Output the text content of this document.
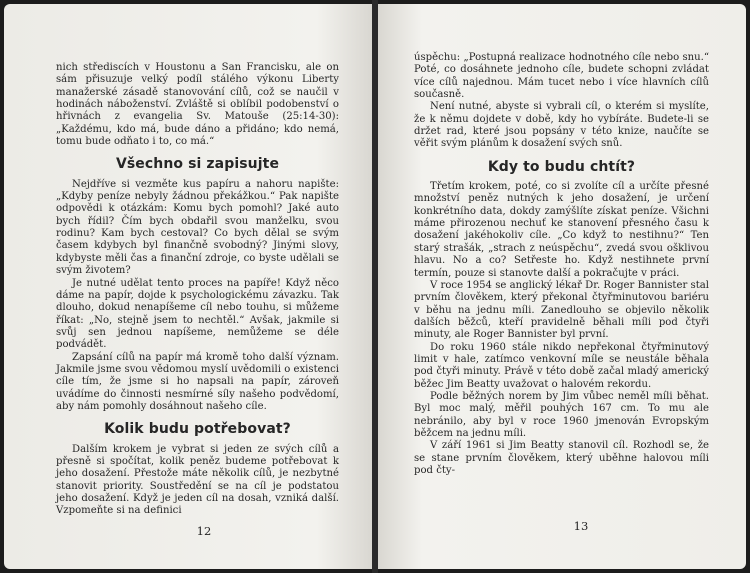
nich střediscích v Houstonu a San Francisku, ale on sám přisuzuje velký podíl stálého výkonu Liberty manažerské zásadě stanovování cílů, což se naučil v hodinách náboženství. Zvláště si oblíbil podobenství o hřivnách z evangelia Sv. Matouše (25:14-30): „Každému, kdo má, bude dáno a přidáno; kdo nemá, tomu bude odňato i to, co má.“

Všechno si zapisujte

Nejdříve si vezměte kus papíru a nahoru napište: „Kdyby peníze nebyly žádnou překážkou.“ Pak napište odpovědi k otázkám: Komu bych pomohl? Jaké auto bych řídil? Čím bych obdařil svou manželku, svou rodinu? Kam bych cestoval? Co bych dělal se svým časem kdybych byl finančně svobodný? Jinými slovy, kdybyste měli čas a finanční zdroje, co byste udělali se svým životem?

Je nutné udělat tento proces na papíře! Když něco dáme na papír, dojde k psychologickému závazku. Tak dlouho, dokud nenapíšeme cíl nebo touhu, si můžeme říkat: „No, stejně jsem to nechtěl.“ Avšak, jakmile si svůj sen jednou napíšeme, nemůžeme se déle podvádět.

Zapsání cílů na papír má kromě toho další význam. Jakmile jsme svou vědomou myslí uvědomili o existenci cíle tím, že jsme si ho napsali na papír, zároveň uvádíme do činnosti nesmírné síly našeho podvědomí, aby nám pomohly dosáhnout našeho cíle.

Kolik budu potřebovat?

Dalším krokem je vybrat si jeden ze svých cílů a přesně si spočítat, kolik peněz budeme potřebovat k jeho dosažení. Přestože máte několik cílů, je nezbytné stanovit priority. Soustředění se na cíl je podstatou jeho dosažení. Když je jeden cíl na dosah, vzniká další. Vzpomeňte si na definici

12

úspěchu: „Postupná realizace hodnotného cíle nebo snu.“ Poté, co dosáhnete jednoho cíle, budete schopni zvládat více cílů najednou. Mám tucet nebo i více hlavních cílů současně.

Není nutné, abyste si vybrali cíl, o kterém si myslíte, že k němu dojdete v době, kdy ho vybíráte. Budete-li se držet rad, které jsou popsány v této knize, naučíte se věřit svým plánům k dosažení svých snů.

Kdy to budu chtít?

Třetím krokem, poté, co si zvolíte cíl a určíte přesné množství peněz nutných k jeho dosažení, je určení konkrétního data, dokdy zamýšlíte získat peníze. Všichni máme přirozenou nechuť ke stanovení přesného času k dosažení jakéhokoliv cíle. „Co když to nestihnu?“ Ten starý strašák, „strach z neúspěchu“, zvedá svou ošklivou hlavu. No a co? Setřeste ho. Když nestihnete první termín, pouze si stanovte další a pokračujte v práci.

V roce 1954 se anglický lékař Dr. Roger Bannister stal prvním člověkem, který překonal čtyřminutovou bariéru v běhu na jednu míli. Zanedlouho se objevilo několik dalších běžců, kteří pravidelně běhali míli pod čtyři minuty, ale Roger Bannister byl první.

Do roku 1960 stále nikdo nepřekonal čtyřminutový limit v hale, zatímco venkovní míle se neustále běhala pod čtyři minuty. Právě v této době začal mladý americký běžec Jim Beatty uvažovat o halovém rekordu.

Podle běžných norem by Jim vůbec neměl míli běhat. Byl moc malý, měřil pouhých 167 cm. To mu ale nebránilo, aby byl v roce 1960 jmenován Evropským běžcem na jednu míli.

V září 1961 si Jim Beatty stanovil cíl. Rozhodl se, že se stane prvním člověkem, který uběhne halovou míli pod čty-

13
